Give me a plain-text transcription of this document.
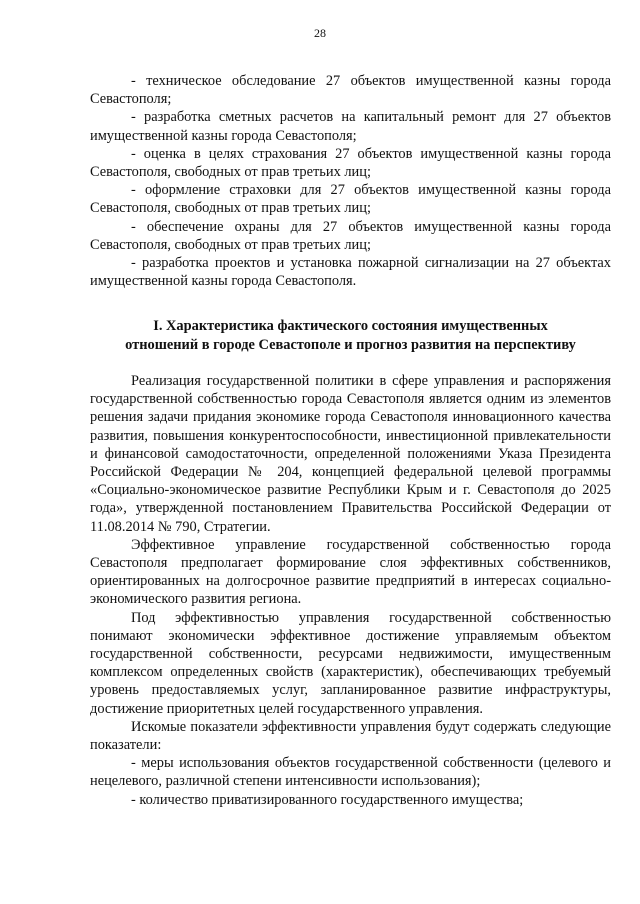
28

- техническое обследование 27 объектов имущественной казны города Севастополя;

- разработка сметных расчетов на капитальный ремонт для 27 объектов имущественной казны города Севастополя;

- оценка в целях страхования 27 объектов имущественной казны города Севастополя, свободных от прав третьих лиц;

- оформление страховки для 27 объектов имущественной казны города Севастополя, свободных от прав третьих лиц;

- обеспечение охраны для 27 объектов имущественной казны города Севастополя, свободных от прав третьих лиц;

- разработка проектов и установка пожарной сигнализации на 27 объектах имущественной казны города Севастополя.

I. Характеристика фактического состояния имущественных
отношений в городе Севастополе и прогноз развития на перспективу

Реализация государственной политики в сфере управления и распоряжения государственной собственностью города Севастополя является одним из элементов решения задачи придания экономике города Севастополя инновационного качества развития, повышения конкурентоспособности, инвестиционной привлекательности и финансовой самодостаточности, определенной положениями Указа Президента Российской Федерации № 204, концепцией федеральной целевой программы «Социально-экономическое развитие Республики Крым и г. Севастополя до 2025 года», утвержденной постановлением Правительства Российской Федерации от 11.08.2014 № 790, Стратегии.

Эффективное управление государственной собственностью города Севастополя предполагает формирование слоя эффективных собственников, ориентированных на долгосрочное развитие предприятий в интересах социально-экономического развития региона.

Под эффективностью управления государственной собственностью понимают экономически эффективное достижение управляемым объектом государственной собственности, ресурсами недвижимости, имущественным комплексом определенных свойств (характеристик), обеспечивающих требуемый уровень предоставляемых услуг, запланированное развитие инфраструктуры, достижение приоритетных целей государственного управления.

Искомые показатели эффективности управления будут содержать следующие показатели:

- меры использования объектов государственной собственности (целевого и нецелевого, различной степени интенсивности использования);

- количество приватизированного государственного имущества;
